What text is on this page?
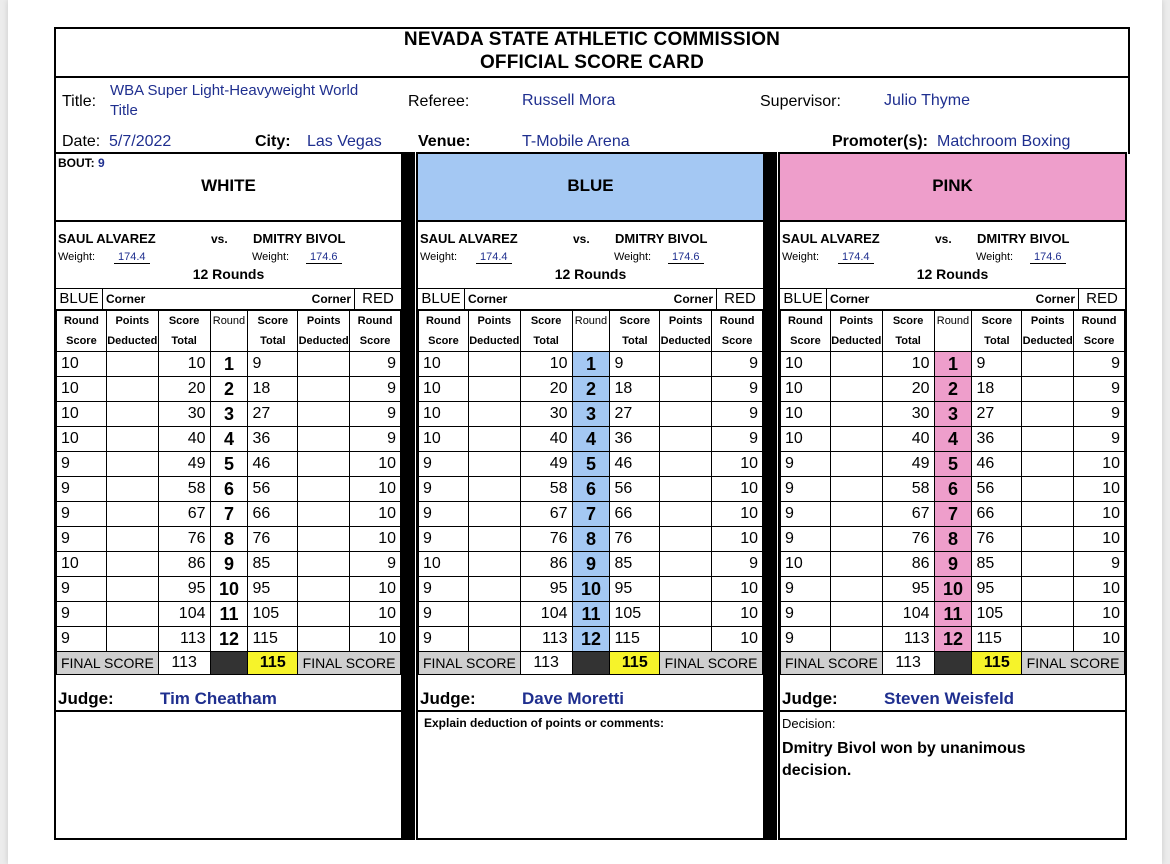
NEVADA STATE ATHLETIC COMMISSION
OFFICIAL SCORE CARD
Title:
WBA Super Light-Heavyweight World
Title
Referee:	Russell Mora	Supervisor:	Julio Thyme
Date: 5/7/2022	City: Las Vegas Venue:	T-Mobile Arena	Promoter(s): Matchroom Boxing
BOUT: 9
WHITE
SAUL ALVAREZ	vs. DMITRY BIVOL
Weight:	174.4	Weight:	174.6
12 Rounds
BLUE Corner	Corner RED
Round	Points	Score	Round	Score	Points	Round
Score	Deducted	Total		Total	Deducted	Score
10		10	1	9		9
10		20	2	18		9
10		30	3	27		9
10		40	4	36		9
9		49	5	46		10
9		58	6	56		10
9		67	7	66		10
9		76	8	76		10
10		86	9	85		9
9		95	10	95		10
9		104	11	105		10
9		113	12	115		10
FINAL SCORE		113		115	FINAL SCORE	
Judge:	Tim Cheatham
BLUE
SAUL ALVAREZ	vs. DMITRY BIVOL
Weight:	174.4	Weight:	174.6
12 Rounds
BLUE Corner	Corner RED
Round	Points	Score	Round	Score	Points	Round
Score	Deducted	Total		Total	Deducted	Score
10		10	1	9		9
10		20	2	18		9
10		30	3	27		9
10		40	4	36		9
9		49	5	46		10
9		58	6	56		10
9		67	7	66		10
9		76	8	76		10
10		86	9	85		9
9		95	10	95		10
9		104	11	105		10
9		113	12	115		10
FINAL SCORE		113		115	FINAL SCORE	
Judge:	Dave Moretti
Explain deduction of points or comments:
PINK
SAUL ALVAREZ	vs. DMITRY BIVOL
Weight:	174.4	Weight:	174.6
12 Rounds
BLUE Corner	Corner RED
Round	Points	Score	Round	Score	Points	Round
Score	Deducted	Total		Total	Deducted	Score
10		10	1	9		9
10		20	2	18		9
10		30	3	27		9
10		40	4	36		9
9		49	5	46		10
9		58	6	56		10
9		67	7	66		10
9		76	8	76		10
10		86	9	85		9
9		95	10	95		10
9		104	11	105		10
9		113	12	115		10
FINAL SCORE		113		115	FINAL SCORE	
Judge:	Steven Weisfeld
Decision:
Dmitry Bivol won by unanimous decision.
